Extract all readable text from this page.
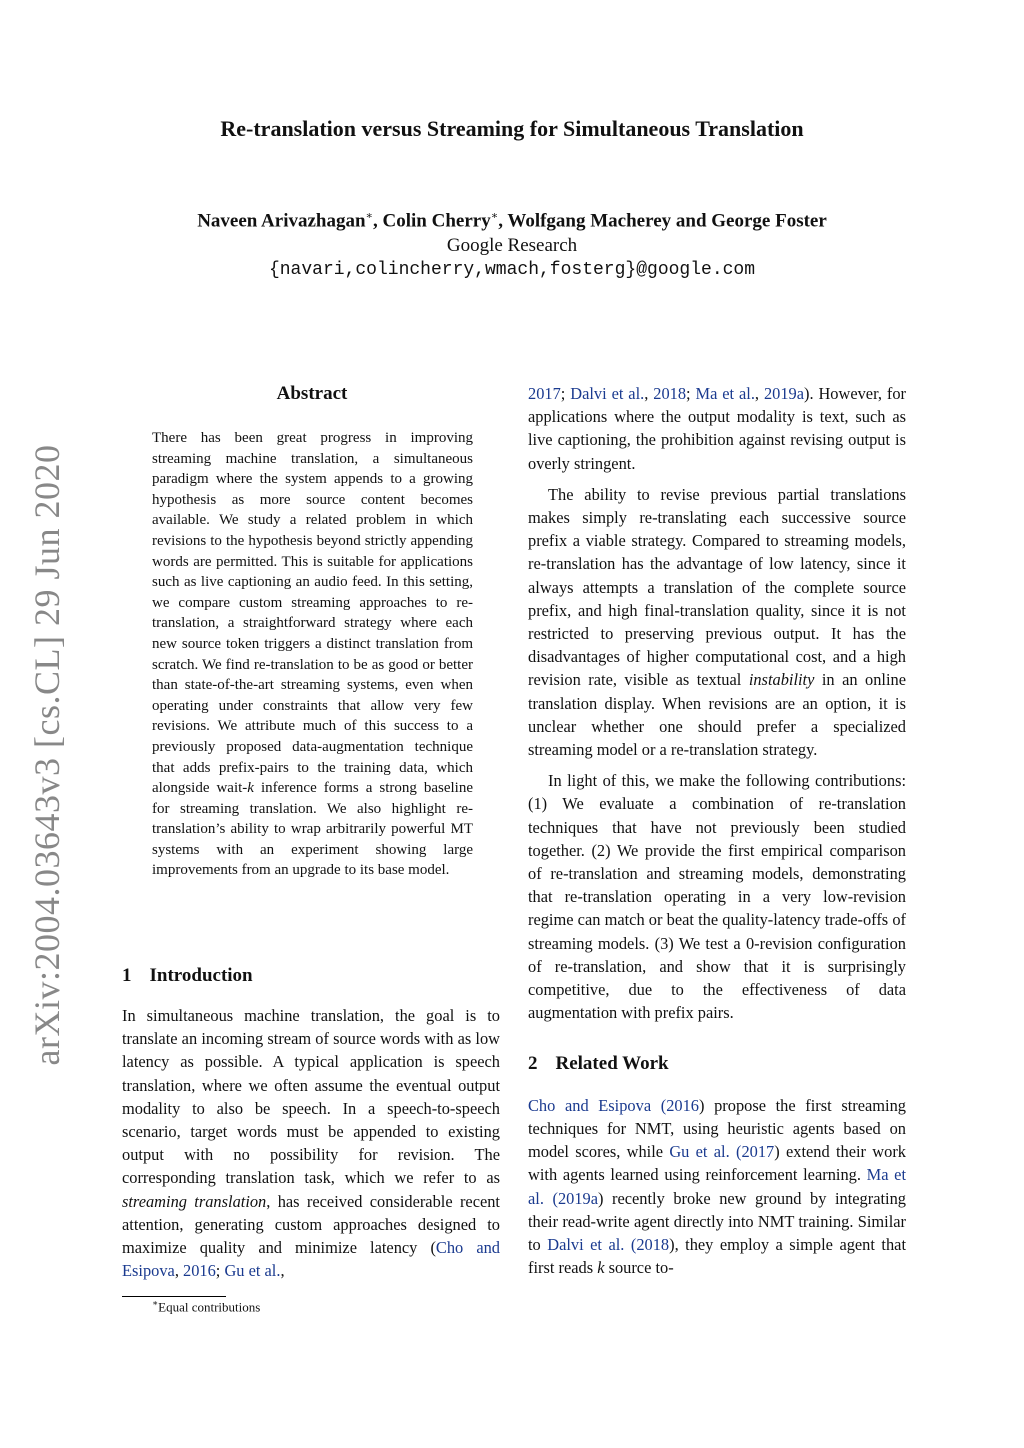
arXiv:2004.03643v3 [cs.CL] 29 Jun 2020
Re-translation versus Streaming for Simultaneous Translation
Naveen Arivazhagan∗, Colin Cherry∗, Wolfgang Macherey and George Foster
Google Research
{navari,colincherry,wmach,fosterg}@google.com
Abstract

There has been great progress in improving streaming machine translation, a simultaneous paradigm where the system appends to a growing hypothesis as more source content becomes available. We study a related problem in which revisions to the hypothesis beyond strictly appending words are permitted. This is suitable for applications such as live captioning an audio feed. In this setting, we compare custom streaming approaches to re-translation, a straightforward strategy where each new source token triggers a distinct translation from scratch. We find re-translation to be as good or better than state-of-the-art streaming systems, even when operating under constraints that allow very few revisions. We attribute much of this success to a previously proposed data-augmentation technique that adds prefix-pairs to the training data, which alongside wait-k inference forms a strong baseline for streaming translation. We also highlight re-translation’s ability to wrap arbitrarily powerful MT systems with an experiment showing large improvements from an upgrade to its base model.

1 Introduction

In simultaneous machine translation, the goal is to translate an incoming stream of source words with as low latency as possible. A typical application is speech translation, where we often assume the eventual output modality to also be speech. In a speech-to-speech scenario, target words must be appended to existing output with no possibility for revision. The corresponding translation task, which we refer to as streaming translation, has received considerable recent attention, generating custom approaches designed to maximize quality and minimize latency (Cho and Esipova, 2016; Gu et al.,

∗Equal contributions

2017; Dalvi et al., 2018; Ma et al., 2019a). However, for applications where the output modality is text, such as live captioning, the prohibition against revising output is overly stringent.

The ability to revise previous partial translations makes simply re-translating each successive source prefix a viable strategy. Compared to streaming models, re-translation has the advantage of low latency, since it always attempts a translation of the complete source prefix, and high final-translation quality, since it is not restricted to preserving previous output. It has the disadvantages of higher computational cost, and a high revision rate, visible as textual instability in an online translation display. When revisions are an option, it is unclear whether one should prefer a specialized streaming model or a re-translation strategy.

In light of this, we make the following contributions: (1) We evaluate a combination of re-translation techniques that have not previously been studied together. (2) We provide the first empirical comparison of re-translation and streaming models, demonstrating that re-translation operating in a very low-revision regime can match or beat the quality-latency trade-offs of streaming models. (3) We test a 0-revision configuration of re-translation, and show that it is surprisingly competitive, due to the effectiveness of data augmentation with prefix pairs.

2 Related Work

Cho and Esipova (2016) propose the first streaming techniques for NMT, using heuristic agents based on model scores, while Gu et al. (2017) extend their work with agents learned using reinforcement learning. Ma et al. (2019a) recently broke new ground by integrating their read-write agent directly into NMT training. Similar to Dalvi et al. (2018), they employ a simple agent that first reads k source to-
